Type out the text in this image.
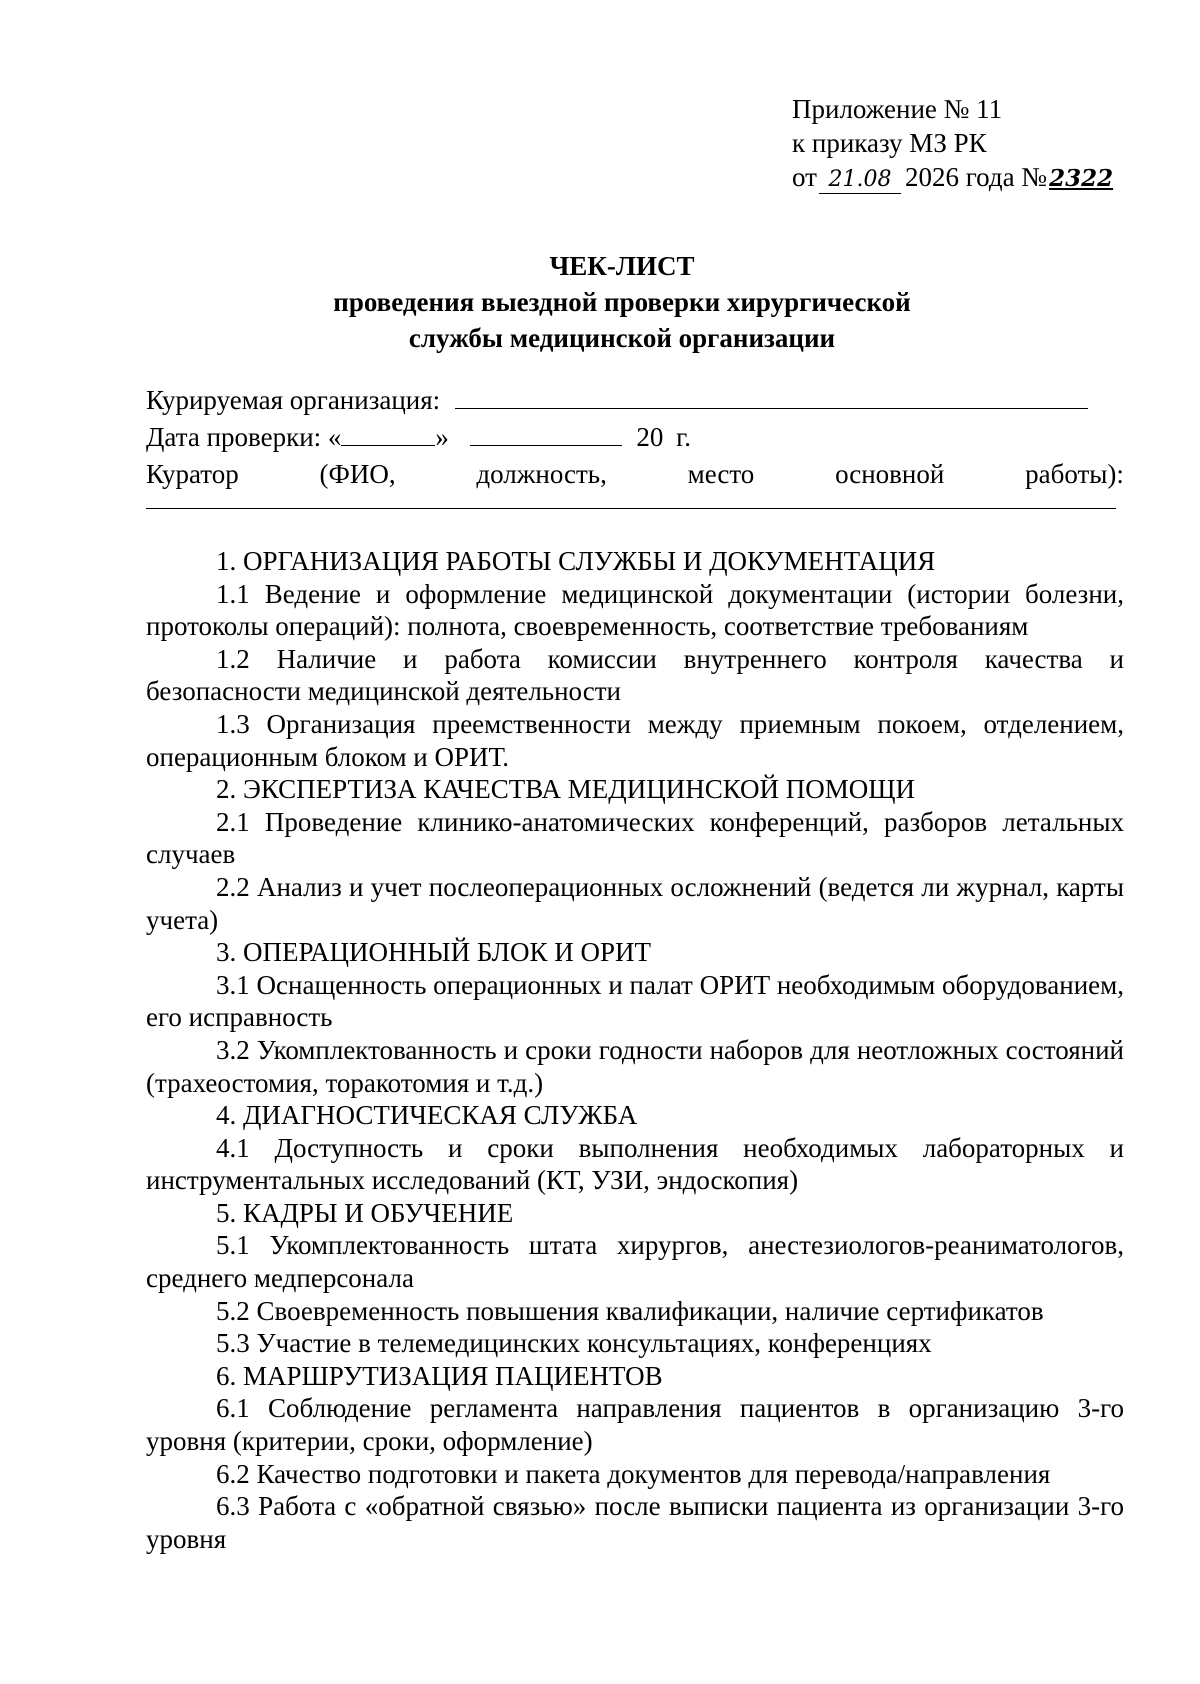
Приложение № 11
к приказу МЗ РК
от 21.08 2026 года №2322
ЧЕК-ЛИСТ
проведения выездной проверки хирургической
службы медицинской организации
Курируемая организация:
Дата проверки: «	»	20 г.
Куратор	(ФИО,	должность,	место	основной	работы):

1. ОРГАНИЗАЦИЯ РАБОТЫ СЛУЖБЫ И ДОКУМЕНТАЦИЯ

1.1 Ведение и оформление медицинской документации (истории болезни, протоколы операций): полнота, своевременность, соответствие требованиям

1.2 Наличие и работа комиссии внутреннего контроля качества и безопасности медицинской деятельности

1.3 Организация преемственности между приемным покоем, отделением, операционным блоком и ОРИТ.

2. ЭКСПЕРТИЗА КАЧЕСТВА МЕДИЦИНСКОЙ ПОМОЩИ

2.1 Проведение клинико-анатомических конференций, разборов летальных случаев

2.2 Анализ и учет послеоперационных осложнений (ведется ли журнал, карты учета)

3. ОПЕРАЦИОННЫЙ БЛОК И ОРИТ

3.1 Оснащенность операционных и палат ОРИТ необходимым оборудованием, его исправность

3.2 Укомплектованность и сроки годности наборов для неотложных состояний (трахеостомия, торакотомия и т.д.)

4. ДИАГНОСТИЧЕСКАЯ СЛУЖБА

4.1 Доступность и сроки выполнения необходимых лабораторных и инструментальных исследований (КТ, УЗИ, эндоскопия)

5. КАДРЫ И ОБУЧЕНИЕ

5.1 Укомплектованность штата хирургов, анестезиологов-реаниматологов, среднего медперсонала

5.2 Своевременность повышения квалификации, наличие сертификатов

5.3 Участие в телемедицинских консультациях, конференциях

6. МАРШРУТИЗАЦИЯ ПАЦИЕНТОВ

6.1 Соблюдение регламента направления пациентов в организацию 3-го уровня (критерии, сроки, оформление)

6.2 Качество подготовки и пакета документов для перевода/направления

6.3 Работа с «обратной связью» после выписки пациента из организации 3-го уровня
